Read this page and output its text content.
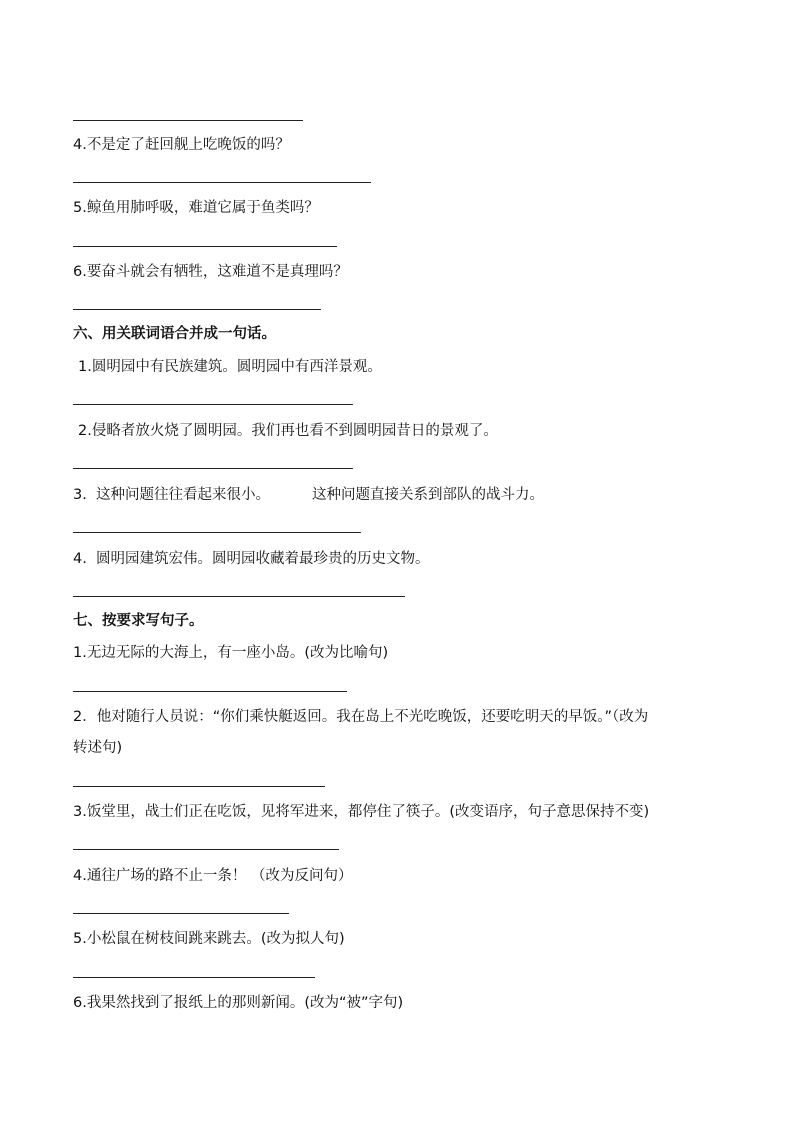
4.不是定了赶回舰上吃晚饭的吗？
5.鲸鱼用肺呼吸，难道它属于鱼类吗？
6.要奋斗就会有牺牲，这难道不是真理吗？
六、用关联词语合并成一句话。
1.圆明园中有民族建筑。圆明园中有西洋景观。
2.侵略者放火烧了圆明园。我们再也看不到圆明园昔日的景观了。
3. 这种问题往往看起来很小。	这种问题直接关系到部队的战斗力。
4. 圆明园建筑宏伟。圆明园收藏着最珍贵的历史文物。
七、按要求写句子。
1.无边无际的大海上，有一座小岛。(改为比喻句)
2．他对随行人员说：“你们乘快艇返回。我在岛上不光吃晚饭，还要吃明天的早饭。”（改为
转述句)
3.饭堂里，战士们正在吃饭，见将军进来，都停住了筷子。(改变语序，句子意思保持不变)
4.通往广场的路不止一条！ （改为反问句）
5.小松鼠在树枝间跳来跳去。(改为拟人句)
6.我果然找到了报纸上的那则新闻。(改为“被”字句)
